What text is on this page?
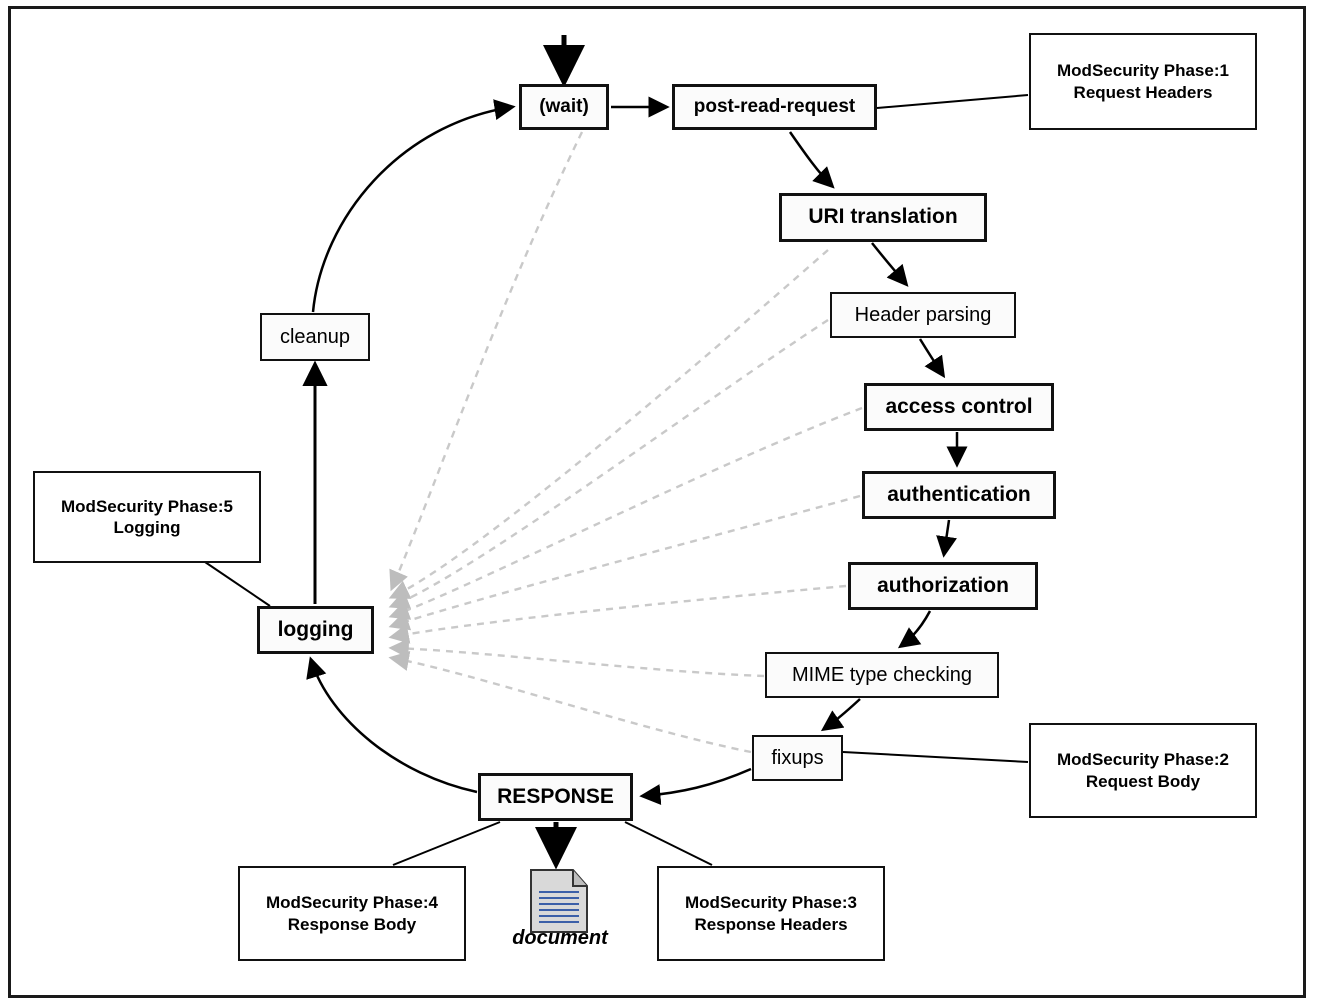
(wait)	post-read-request
URI translation
Header parsing
access control
authentication
authorization
MIME type checking
fixups
RESPONSE
logging
cleanup
ModSecurity Phase:1
Request Headers
ModSecurity Phase:5
Logging
ModSecurity Phase:2
Request Body
ModSecurity Phase:4
Response Body
ModSecurity Phase:3
Response Headers
document
